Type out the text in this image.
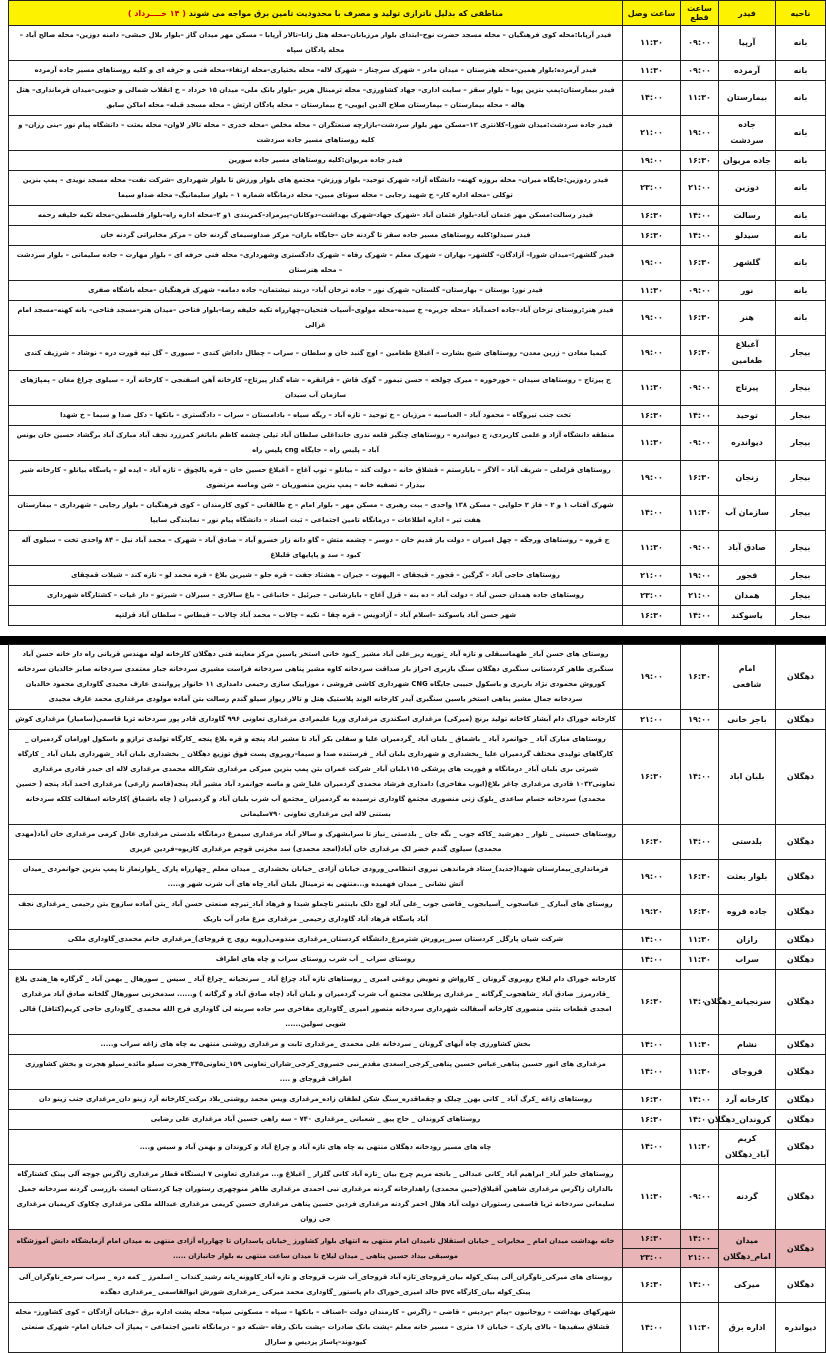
ناحیه	فیدر	ساعت قطع	ساعت وصل	مناطقی که بدلیل ناترازی تولید و مصرف با محدودیت تامین برق مواجه می شوند ( ۱۴ خــــرداد )
بانه	آرپیا	۰۹:۰۰	۱۱:۳۰	فیدر آرپابا:محله کوی فرهنگیان – محله مسجد حضرت نوح–ابتدای بلوار مرزبانان–محله هتل زانا–تالار آرپابا – مسکن مهر میدان گاز –بلوار بلال حبشی– دامنه دوزین– محله صالح آباد – محله پادگان سپاه
بانه	آرمرده	۰۹:۰۰	۱۱:۳۰	فیدر آرمرده:بلوار همین–محله هنرستان – میدان مادر – شهرک سرچنار – شهرک لاله– محله بختیاری–محله ارتفاء–محله فنی و حرفه ای و کلیه روستاهای مسیر جاده آرمرده
بانه	بیمارستان	۱۱:۳۰	۱۴:۰۰	فیدر بیمارستان:پمپ بنزین پویا – بلوار سقز – سایت اداری– جهاد کشاورزی– محله ترمینال هزیر –بلوار بانک ملی– میدان ۱۵ خرداد – خ انقلاب شمالی و جنوبی–میدان فرمانداری– هتل هاله – محله بیمارستان – بیمارستان صلاح الدین ایوبی– خ بیمارستان – محله پادگان ارتش – محله مسجد قبله– محله اماکن سابق
بانه	جاده سردشت	۱۹:۰۰	۲۱:۰۰	فیدر جاده سردشت:میدان شورا–کلانتری ۱۲–مسکن مهر بلوار سردشت–بازارچه صنعتگران – محله مخلص –محله خدری – محله تالار لاوان– محله بعثت – دانشگاه پیام نور –بنی رزان– و کلیه روستاهای مسیر جاده سردشت
بانه	جاده مریوان	۱۶:۳۰	۱۹:۰۰	فیدر جاده مریوان:کلیه روستاهای مسیر جاده سورین
بانه	دوزین	۲۱:۰۰	۲۳:۰۰	فیدر ردوزین:جایگاه میران– محله بروزه کهنه– دانشگاه آزاد– شهرک توحید– بلوار ورزش– مجتمع های بلوار ورزش تا بلوار شهرداری –شرکت نفت– محله مسجد نویدی – پمپ بنزین توکلی –محله اداره کار– خ شهید رجایی – محله سوتای مبین– محله درمانگاه شماره ۱ – بلوار سلیمانیگ– محله صداو سیما
بانه	رسالت	۱۴:۰۰	۱۶:۳۰	فیدر رسالت:مسکن مهر عثمان آباد–بلوار عثمان آباد –شهرک جهاد–شهرک بهداشت–دوکانان–پیرمراد–کمربندی ۱و ۲–محله اداره راه–بلوار فلسطین–محله تکیه خلیفه رحمه
بانه	سیدلو	۱۴:۰۰	۱۶:۳۰	فیدر سیدلو:کلیه روستاهای مسیر جاده سقز تا گردنه خان –جایگاه باران– مرکز صداوسیمای گردنه خان – مرکز مخابراتی گردنه خان
بانه	گلشهر	۱۶:۳۰	۱۹:۰۰	فیدر گلشهر:–میدان شورا– آزادگان– گلشهر– بهاران – شهرک معلم – شهرک رفاه – شهرک دادگستری وشهرداری– محله فنی حرفه ای – بلوار مهارت – جاده سلیمانی – بلوار سردشت – محله هنرستان
بانه	نور	۰۹:۰۰	۱۱:۳۰	فیدر نور: بوستان – بهارستان– گلستان– شهرک نور – جاده ترخان آباد– دربند نیشتمان– جاده دمامه– شهرک فرهنگیان –محله باشگاه صفری
بانه	هنر	۱۶:۳۰	۱۹:۰۰	فیدر هنر:روستای ترخان آباد–جاده احمدآباد –محله جزیره– خ سیده–محله مولوی–آسیاب فتحیان–چهارراه تکیه خلیفه رضا–بلوار فتاحی –میدان هنر–مسجد فتاحی– بانه کهنه–مسجد امام غزالی
بیجار	آغبلاغ طغامین	۱۶:۳۰	۱۹:۰۰	کیمیا معادن – زرین معدن– روستاهای شیخ بشارت – آغبلاغ طغامین – اوچ گنبد خان و سلطان – سراب – چطال داداش کندی – سیوری – گل تپه قورت دره – نوشاد – شرزیف کندی
بیجار	پیرتاج	۰۹:۰۰	۱۱:۳۰	ج پیرتاج – روستاهای سیدان – خورخوره – میرک چولجه – حسن تیمور – گوک قاش – قرانقره – شاه گدار پیرتاج– کارخانه آهن اسفنجی – کارخانه آرد – سیلوی چراغ مغان – پمپاژهای سازمان آب سیدان
بیجار	توحید	۱۴:۰۰	۱۶:۳۰	تخت جنب تیروگاه – محمود آباد – العباسیه – مرزبان – خ توحید – تازه آباد – ریگه سیاه – بادامستان – سراب – دادگستری – بانکها – دکل صدا و سیما – خ شهدا
بیجار	دیواندره	۰۹:۰۰	۱۱:۳۰	منطقه دانشگاه آزاد و علمی کاربردی، ج دیواندره – روستاهای چنگیز قلعه ندری خانداغلی سلطان آباد تیلی چشمه کاظم باباتغر کمرزرد نجف آباد مبارک آباد برگشاد حسین خان یونس آباد – پلیس راه – جایگاه cng پلیس راه
بیجار	زنجان	۱۶:۳۰	۱۹:۰۰	روستاهای قزلعلی – شریف آباد – آلاگز – بابارستم – قشلاق خانه – دولت کند – بیانلو – توپ آغاج – آغبلاغ حسین خان – قره یالچوق – تازه آباد – ایده لو – پاسگاه بیانلو – کارخانه شیر بیدرار – تصفیه خانه – پمپ بنزین منصوریان – شن وماسه مرتضوی
بیجار	سازمان آب	۱۱:۳۰	۱۴:۰۰	شهرک آفتاب ۱ و ۲ – فاز ۲ حلوایی – مسکن ۱۳۸ واحدی – بیت رهبری – مسکن مهر – بلوار امام – خ طالقانی – کوی کارمندان – کوی فرهنگیان – بلوار رجایی – شهرداری – بیمارستان هفت تیر – اداره اطلاعات – درمانگاه تامین اجتماعی – ثبت اسناد – دانشگاه پیام نور – نمایندگی سایپا
بیجار	صادق آباد	۰۹:۰۰	۱۱:۳۰	ج قروه – روستاهای ورجگه – چهل امیران – دولت یار قدیم خان – دوسر – چشمه متش – گاو دانه زار خسرو آباد – صادق آباد – شهرک – محمد آباد نیل – ۸۴ واحدی تخت – سیلوی آله کبود – سد و پاپایهای قلبلاغ
بیجار	قجور	۱۹:۰۰	۲۱:۰۰	روستاهای حاجی آباد – گرگین – قجور – قیجقای – الیهوت – جیران – هشتاد جفت – قره جلو – شیرین بلاغ – قره محمد لو – تازه کند – شیلات قمچقای
بیجار	همدان	۲۱:۰۰	۲۳:۰۰	روستاهای جاده همدان حسن آباد – دولت آباد – ده بنه – قزل آغاج – بابارشانی – جبرئیل – خانباغی – باغ سالاری – سیرلان – شیرتو – دار غیات – کشتارگاه شهرداری
بیجار	یاسوکند	۱۴:۰۰	۱۶:۳۰	شهر حسن آباد یاسوکند –اسلام آباد – آزادویس – قره چقا – تکیه – چالاب – محمد آباد چالاب – قیطاس – سلطان آباد قزلتپه
دهگلان	امام شافعی	۱۶:۳۰	۱۹:۰۰	روستای های حسن آباد_ طهماسبقلی و تازه آباد _تورپه ریز_علی آباد مشیر _کبود خانی استخر یاسین مرکز معاینه فنی دهگلان کارخانه لوله مهندس قربانی راه دار خانه حسن آباد سنگبری طاهر کردستانی سنگبری دهگلان سنگ بازبری احراز بار صداقت سردخانه کاوه مشیر پناهی سردخانه فراست مشیری سردخانه جبار معتمدی سردخانه صابر خالدیان سردخانه کوروش محمودی نژاد باربری و باسکول حبیبی جایگاه CNG شهرداری کاشی فروشی ، موزاییک سازی رحیمی دامداری ۱۱ خانوار پروابندی عارف مجیدی گاوداری محمود خالدیان سردخانه جمال مشیر پناهی استخر یاسین سنگبری آیدر کارخانه الوند پلاستیک هتل و تالار ریوار سیلو گندم رسالت بتن آماده مولودی مرغداری محمد عارف مجیدی
دهگلان	باجر خانی	۱۹:۰۰	۲۱:۰۰	کارخانه خوراک دام آبشار کاخانه تولید برنج (میرکی) مرغداری اسکندری مرغداری وریا علیمرادی مرغداری تعاونی ۹۹۶ گاوداری قادر پور سردخانه ثریا قاسمی(سامیار) مرغداری کوش
دهگلان	بلبان اباد	۱۴:۰۰	۱۶:۳۰	روستاهای مبارک آباد _ جوانمرد آباد _ باشماق _ بلبان آباد _گردمیران علیا و سفلی بکر آباد تا مشیر اباد پنجه و قره بلاغ پنجه _کارگاه تولیدی ترازو و باسکول اورامان گردمیران _ کارگاهای تولیدی مختلف گردمیران علیا _بخشداری و شهرداری بلبان آباد _ فرستنده صدا و سیما–روبروی پست فوق توزیع دهگلان _ بخشداری بلبان آباد _شهرداری بلبان آباد _ کارگاه شیرتی بزی بلبان آباد_ درمانگاه و فوریت های پزشکی ۱۱۵بلبان آباد_ شرکت عمران بتن پمپ بنزین میرکی مرغداری شکرالله محمدی مرغداری لاله ای حیدر قادری مرغداری تعاونی۱۰۳۲ قادری مرغداری چاغر بلاغ(ایوب مفاخری) دامداری فرشاد محمدی گردمیران علیا_شن و ماسه جوانمرد آباد مشیر آباد پنجه(قاسم زارعی) مرغداری احمد آباد پنجه ( حسین محمدی) سردخانه حسام ساعدی _بلوک زنی منصوری مجتمع گاوداری نرسیده به گردمیران _مجتمع آب شرب بلبان آباد و گردمیران ( چاه باشماق )کارخانه اسفالت کلکه سردخانه بستنی لاله ایی مرغداری تعاونی ۷۹۰سلیمانی
دهگلان	بلدستی	۱۴:۰۰	۱۶:۳۰	روستاهای حسینی _ تلوار _ دهرشید _کاکه جوب _ بگه جان _ بلدستی _نیاز تا سرابشهرک و سالار آباد مرغداری سیمرغ درمانگاه بلدستی مرغداری عادل کرمی مرغداری خان آباد(مهدی محمدی) سیلوی گندم خضر لک مرغداری خان آباد(امجد محمدی) سد مخزنی قوچم مرغداری کازیوه–فردین عزیزی
دهگلان	بلوار بعثت	۱۶:۳۰	۱۹:۰۰	فرمانداری_بیمارستان شهدا(جدید)_ستاد فرماندهی نیروی انتظامی_ورودی خیابان آزادی _خیابان بخشداری _ میدان معلم _چهارراه پارک _بلوارنماز تا پمپ بنزین جوانمردی _میدان آتش نشانی _ میدان فهمیده و...منتهی به ترمینال بلبان آباد_چاه های آب شرب شهر و.....
دهگلان	جاده قروه	۱۶:۳۰	۱۹:۲۰	روستای های آیبارک _ عباسجوب _آسیابجوب _قاضی جوب _علی آباد لوچ دلک باینتمر تاچملو شیدا و فرهاد آباد_تیرچه صنعتی حسن آباد _بتن آماده سازوج بتن رحیمی _مرغداری نجف آباد پاسگاه فرهاد آباد گاوداری رحیمی_ مرغداری مرغ مادر آب باریک
دهگلان	رازان	۱۱:۳۰	۱۴:۰۰	شرکت شیان پارگل_ کردستان سبز_پرورش شترمرغ_دانشگاه کردستان_مرغداری مندومی(روبه روی ج قروجای)_مرغداری خانم محمدی_گاوداری ملکی
دهگلان	سراب	۱۱:۳۰	۱۴:۰۰	روستای سراب _ آب شرب روستای سراب و چاه های اطراف
دهگلان	سرنجیانه_دهگلان	۱۴:۰۰	۱۶:۳۰	کارخانه خوراک دام لیلاخ روبروی گرونان _ کارواش و تعویض روغنی امیری _ روستاهای تازه آباد چراغ آباد _ سرنجیانه _چراغ آباد _ سیس _ سورهال _ بهمن آباد _ گزگاره ها_هندی بلاغ _قادرمرز_ صادق آباد _شاهجوب_گرگانه _ مرغداری پرطلایی مجتمع آب شرب گردمیران و بلبان آباد (چاه صادق آباد و گرگانه ) و...... سدمخزنی سورهال گلخانه صادق آباد مرغداری امجدی قطعات بتنی منصوری کارخانه آسفالت شهرداری سردخانه منصور امیری _گاوداری مفاخری سر جاده سرینه لی گاوداری فرج الله محمدی _گاوداری حاجی کریم(کتافل) قالی شویی سولین......
دهگلان	نشام	۱۱:۳۰	۱۴:۰۰	بخش کشاورزی چاه آبهای گرونان _ سردخانه علی محمدی _مرغداری ثابت و مرغداری روشنی منتهی به چاه های زاغه سراب و.....
دهگلان	قروجای	۱۱:۳۰	۱۴:۰۰	مرغداری های انور حسین پناهی_عباس حسین پناهی_کرجی_اسعدی مقدم_نبی خسروی_کرجی_شاران_تعاونی ۱۵۹_تعاونی۲۴۵_هجرت سیلو مائده_سیلو هجرت و بخش کشاورزی اطراف قروجای و ....
دهگلان	کارخانه آرد	۱۴:۰۰	۱۶:۳۰	روستاهای زاغه _کرگ آباد _ کانی بهن_ چیلک و چقماقدره_سنگ شکن لطفان زاده_مرغداری ویس محمد روشنی_بلاد برکت_کارخانه آرد زینو دان_مرغداری جنب زینو دان
دهگلان	کروندان_دهگلان	۱۴:۰۰	۱۶:۳۰	روستاهای کروندان _ حاج پیق _ شعبانی _مرغداری ۷۴۰ – سه راهی حسین آباد مرغداری علی رضایی
دهگلان	کریم آباد_دهگلان	۱۱:۳۰	۱۴:۰۰	چاه های مسیر رودخانه دهگلان منتهی به چاه های تازه آباد و چراغ آباد و کروندان و بهمن آباد و سیس و....
دهگلان	گردنه	۰۹:۰۰	۱۱:۳۰	روستاهای حلیز آباد_ ابراهیم آباد _کانی عبدالی _ بانجه مریم چرخ بیان _تازه آباد کانی گلزار _ آغبلاغ و... مرغداری تعاونی ۷ ایستگاه قطار مرغداری زاگرس جوجه آلی پینک کشتارگاه بالداران زاگرس مرغداری شاهین آقیلاق(حیبن محمدی) راهدارخانه گردنه مرغداری نبی احمدی مرغداری طاهر منوچهری رستوران چیا کردستان ایست بازرسی گردنه سردخانه جمیل سلیمانی سردخانه ثریا قاسمی رستوران دولت آباد هلال احمر گردنه مرغداری فردین حسین پناهی مرغداری حسین کریمی مرغداری عبدالله ملکی مرغداری چکاوک کریمیان مرغداری جی زوان
دهگلان	میدان امام_دهگلان	۱۴:۰۰	۱۶:۳۰	خانه بهداشت میدان امام _ مخابرات _ خیابان استقلال تامیدان امام منتهی به انتهای بلوار کشاورز _خیابان پاسداران تا چهارراه آزادی منتهی به میدان امام آزمایشگاه دانش آموزشگاه موسیقی بیداد حسین پناهی _ میدان لیلاخ تا میدان ساعت منتهی به بلوار جانبازان .....
		۲۱:۰۰	۲۳:۰۰	
دهگلان	میرکی	۱۴:۰۰	۱۶:۳۰	روستای های میرکی_ناوگران_آلی پینک_کوله بیان_قروجای_تازه آباد قروجای_آب شرب قروجای و تازه آباد_کاوونه_یانه رشید_کنداب _ اسلمرز _ کمه دره _ سراب سرخه_ناوگران_آلی پینک_کوله بیان_کارگاه pvc خالد امیری_خوراک دام پاستور _گاوداری محمد میرکی _مرغداری شورش ابوالقاسمی _مرغداری دهگده
دیواندره	اداره برق	۱۱:۳۰	۱۴:۰۰	شهرکهای بهداشت – روحانیون –پیام –پردیس – قاضی – زاگرس – کارمندان دولت –اصناف – بانکها – سپاه – مسکونی سپاه– محله پشت اداره برق –خیابان آزادگان – کوی کشاورز– محله قشلاق سفیدها – بالای پارک – خیابان ۱۶ متری – مسیر خانه معلم –پشت بانک صادرات –پشت بانک رفاه –شبکه دو – درمانگاه تامین اجتماعی – پمپاژ آب خیابان امام– شهرک صنعتی کیودوند–پاساژ پردیس و سارال
